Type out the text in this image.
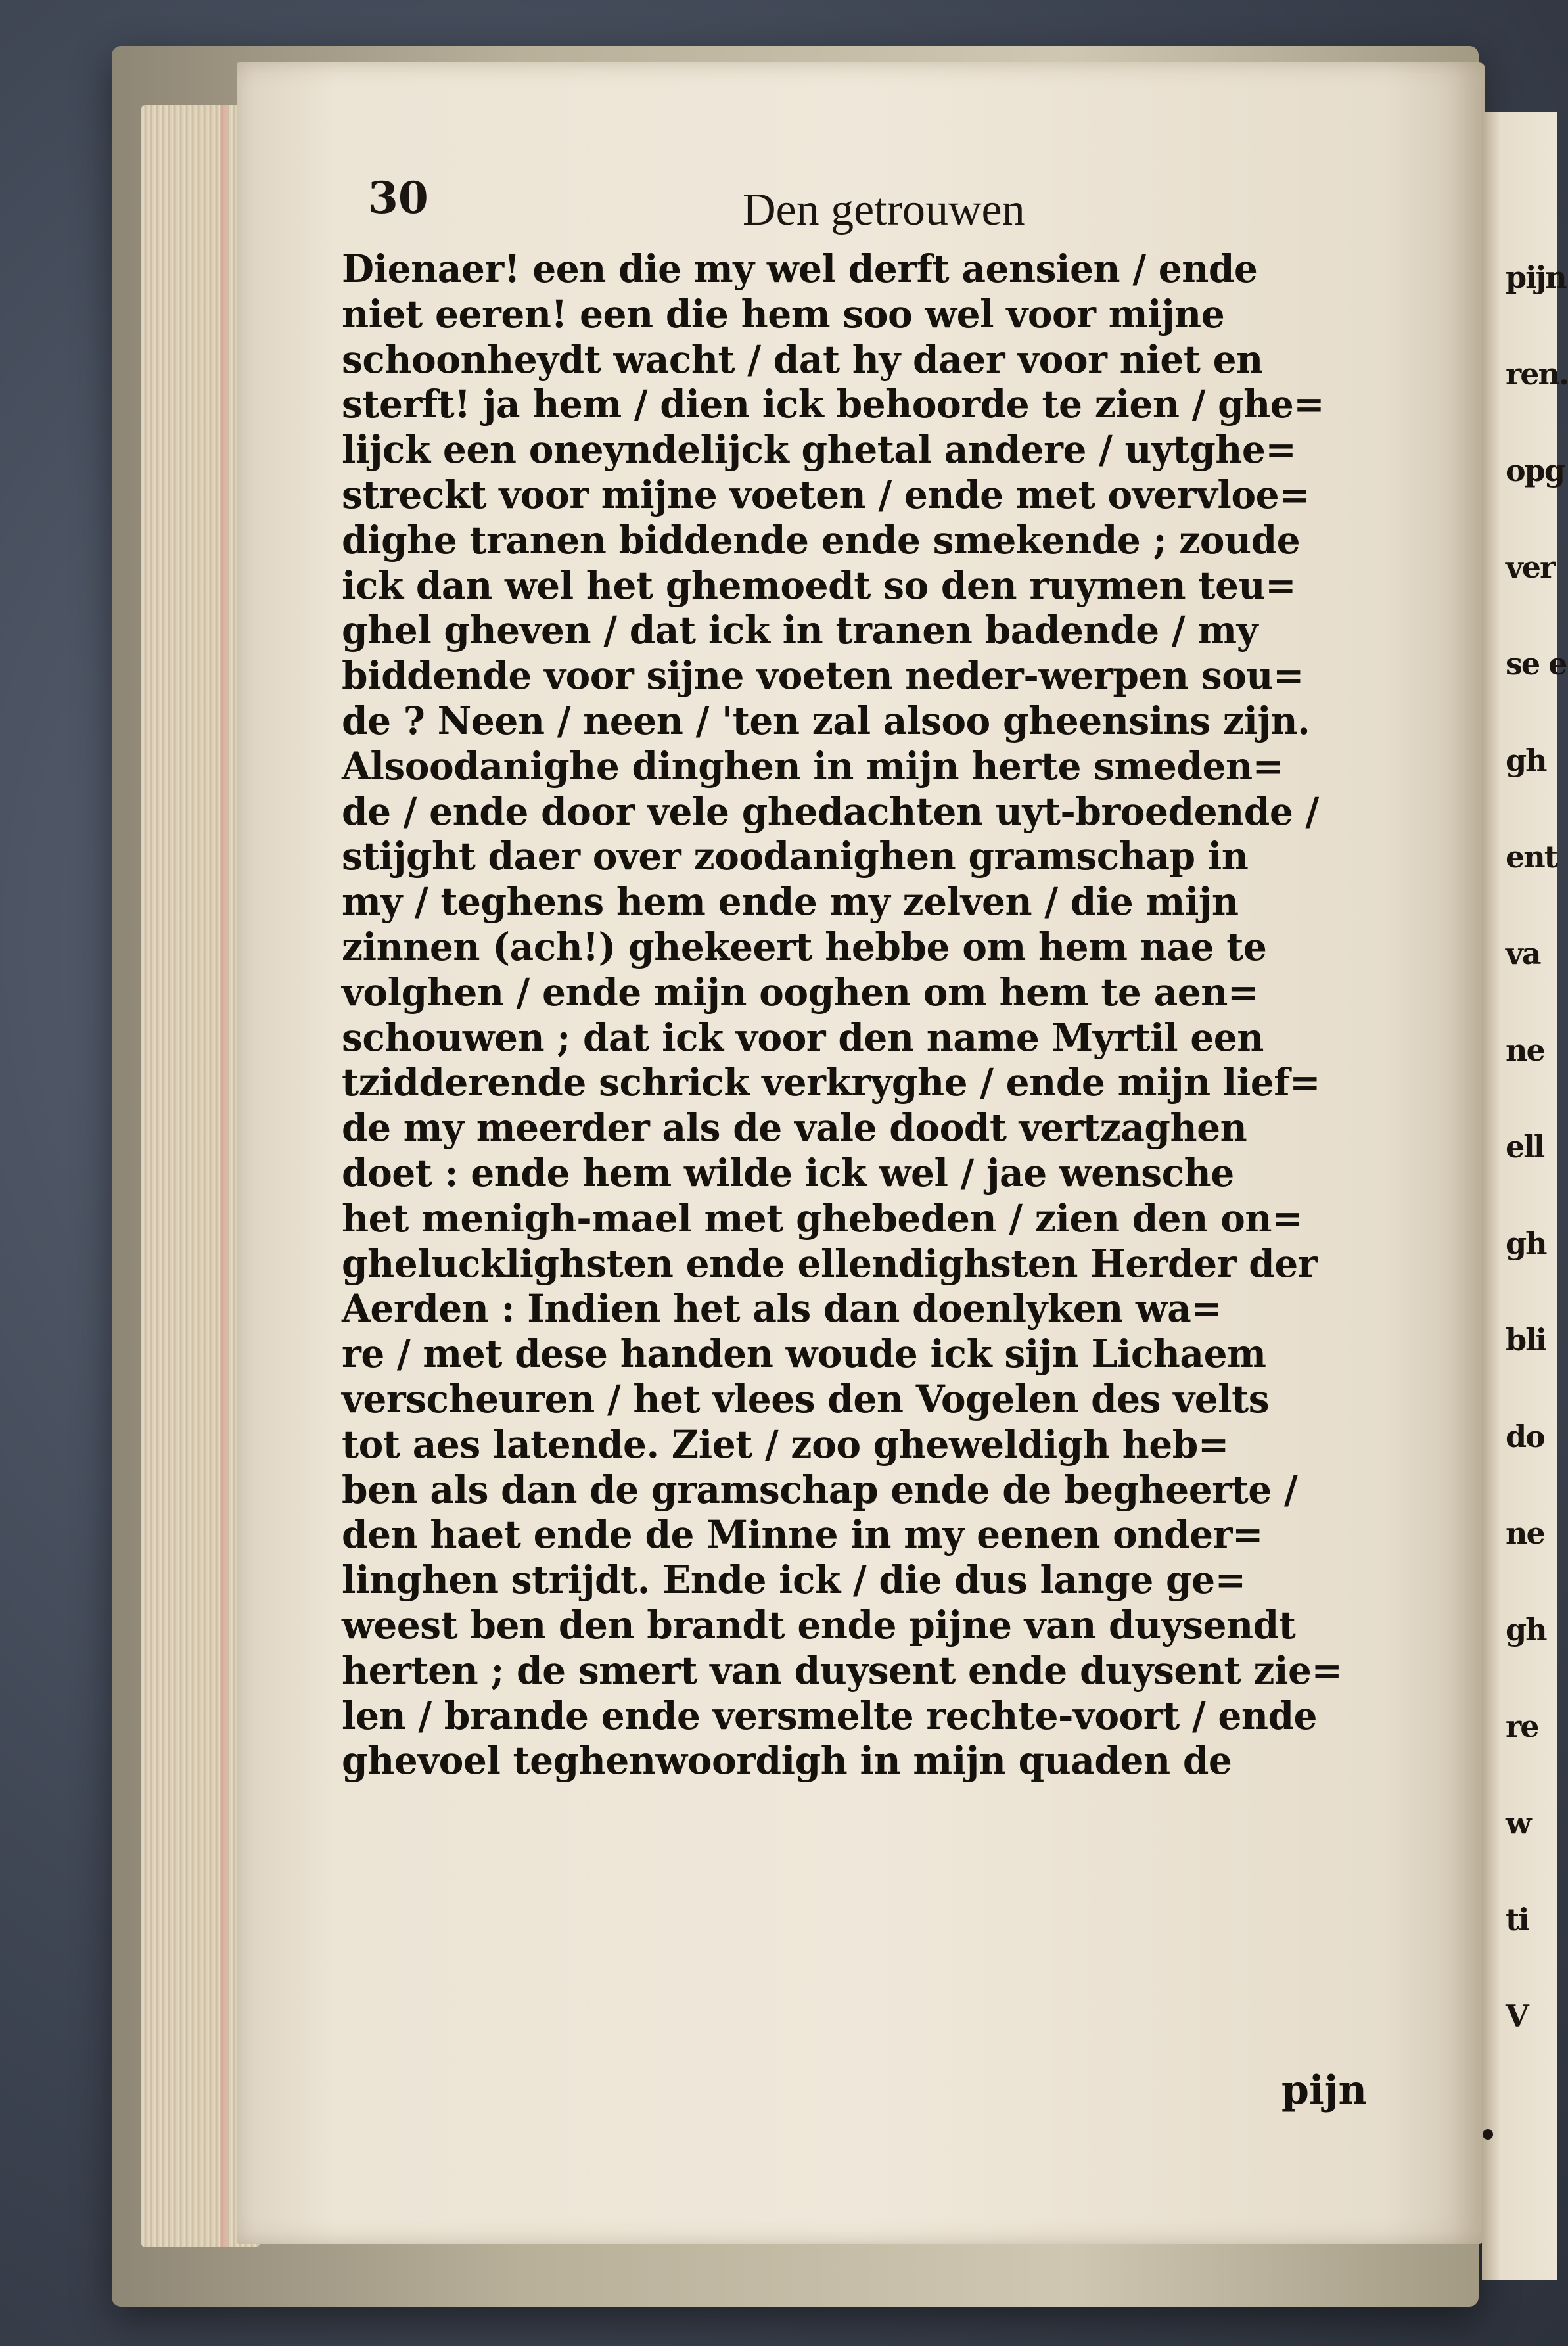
pijn
ren.
opg
ver
se e
gh
ent
va
ne
ell
gh
bli
do
ne
gh
re
w
ti
V
30	Den getrouwen
Dienaer! een die my wel derft aensien / ende
niet eeren! een die hem soo wel voor mijne
schoonheydt wacht / dat hy daer voor niet en
sterft! ja hem / dien ick behoorde te zien / ghe=
lijck een oneyndelijck ghetal andere / uytghe=
streckt voor mijne voeten / ende met overvloe=
dighe tranen biddende ende smekende ; zoude
ick dan wel het ghemoedt so den ruymen teu=
ghel gheven / dat ick in tranen badende / my
biddende voor sijne voeten neder-werpen sou=
de ? Neen / neen / 'ten zal alsoo gheensins zijn.
Alsoodanighe dinghen in mijn herte smeden=
de / ende door vele ghedachten uyt-broedende /
stijght daer over zoodanighen gramschap in
my / teghens hem ende my zelven / die mijn
zinnen (ach!) ghekeert hebbe om hem nae te
volghen / ende mijn ooghen om hem te aen=
schouwen ; dat ick voor den name Myrtil een
tzidderende schrick verkryghe / ende mijn lief=
de my meerder als de vale doodt vertzaghen
doet : ende hem wilde ick wel / jae wensche
het menigh-mael met ghebeden / zien den on=
ghelucklighsten ende ellendighsten Herder der
Aerden : Indien het als dan doenlyken wa=
re / met dese handen woude ick sijn Lichaem
verscheuren / het vlees den Vogelen des velts
tot aes latende. Ziet / zoo gheweldigh heb=
ben als dan de gramschap ende de begheerte /
den haet ende de Minne in my eenen onder=
linghen strijdt. Ende ick / die dus lange ge=
weest ben den brandt ende pijne van duysendt
herten ; de smert van duysent ende duysent zie=
len / brande ende versmelte rechte-voort / ende
ghevoel teghenwoordigh in mijn quaden de
pijn
